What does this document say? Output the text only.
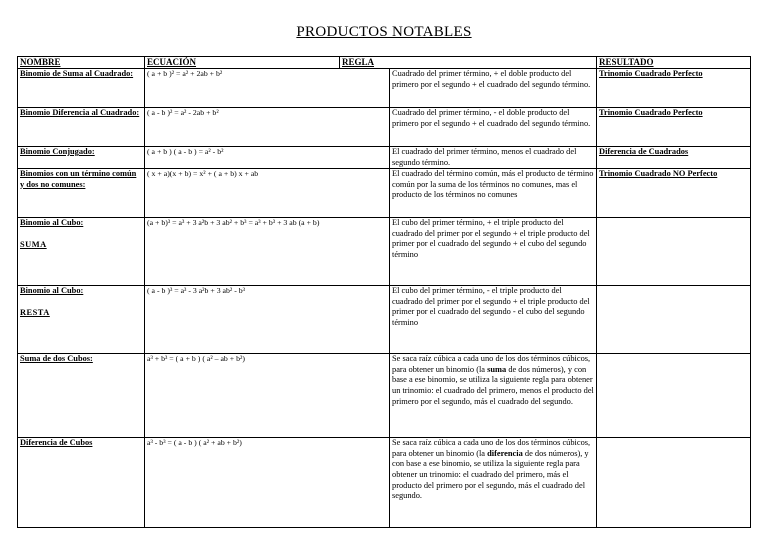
PRODUCTOS NOTABLES
NOMBRE	ECUACIÓN	REGLA		RESULTADO
Binomio de Suma al Cuadrado:	( a + b )² = a² + 2ab + b²		Cuadrado del primer término, + el doble producto del primero por el segundo + el cuadrado del segundo término.	Trinomio Cuadrado Perfecto
Binomio Diferencia al Cuadrado:	( a - b )² = a² - 2ab + b²		Cuadrado del primer término, - el doble producto del primero por el segundo + el cuadrado del segundo término.	Trinomio Cuadrado Perfecto
Binomio Conjugado:	( a + b ) ( a - b ) = a² - b²		El cuadrado del primer término, menos el cuadrado del segundo término.	Diferencia de Cuadrados
Binomios con un término común y dos no comunes:	( x + a)(x + b) = x² + ( a + b) x + ab		El cuadrado del término común, más el producto de término común por la suma de los términos no comunes, mas el producto de los términos no comunes	Trinomio Cuadrado NO Perfecto
Binomio al Cubo:
SUMA	(a + b)³ = a³ + 3 a²b + 3 ab² + b³ = a³ + b³ + 3 ab (a + b)		El cubo del primer término, + el triple producto del cuadrado del primer por el segundo + el triple producto del primer por el cuadrado del segundo + el cubo del segundo término	
Binomio al Cubo:
RESTA	( a - b )³ = a³ - 3 a²b + 3 ab² - b³		El cubo del primer término, - el triple producto del cuadrado del primer por el segundo + el triple producto del primer por el cuadrado del segundo - el cubo del segundo término	
Suma de dos Cubos:	a³ + b³ = ( a + b ) ( a² – ab + b²)		Se saca raíz cúbica a cada uno de los dos términos cúbicos, para obtener un binomio (la suma de dos números), y con base a ese binomio, se utiliza la siguiente regla para obtener un trinomio: el cuadrado del primero, menos el producto del primero por el segundo, más el cuadrado del segundo.	
Diferencia de Cubos	a³ - b³ = ( a - b ) ( a² + ab + b²)		Se saca raíz cúbica a cada uno de los dos términos cúbicos, para obtener un binomio (la diferencia de dos números), y con base a ese binomio, se utiliza la siguiente regla para obtener un trinomio: el cuadrado del primero, más el producto del primero por el segundo, más el cuadrado del segundo.	
